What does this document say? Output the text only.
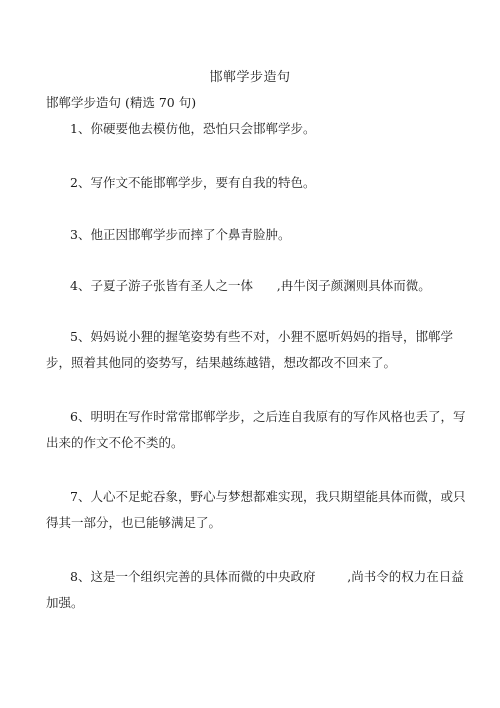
邯郸学步造句
邯郸学步造句 (精选 70 句)
1、你硬要他去模仿他，恐怕只会邯郸学步。
2、写作文不能邯郸学步，要有自我的特色。
3、他正因邯郸学步而摔了个鼻青脸肿。
4、子夏子游子张皆有圣人之一体      ,冉牛闵子颜渊则具体而微。
5、妈妈说小狸的握笔姿势有些不对，小狸不愿听妈妈的指导，邯郸学步，照着其他同的姿势写，结果越练越错，想改都改不回来了。
6、明明在写作时常常邯郸学步，之后连自我原有的写作风格也丢了，写出来的作文不伦不类的。
7、人心不足蛇吞象，野心与梦想都难实现，我只期望能具体而微，或只得其一部分，也已能够满足了。
8、这是一个组织完善的具体而微的中央政府        ,尚书令的权力在日益加强。
